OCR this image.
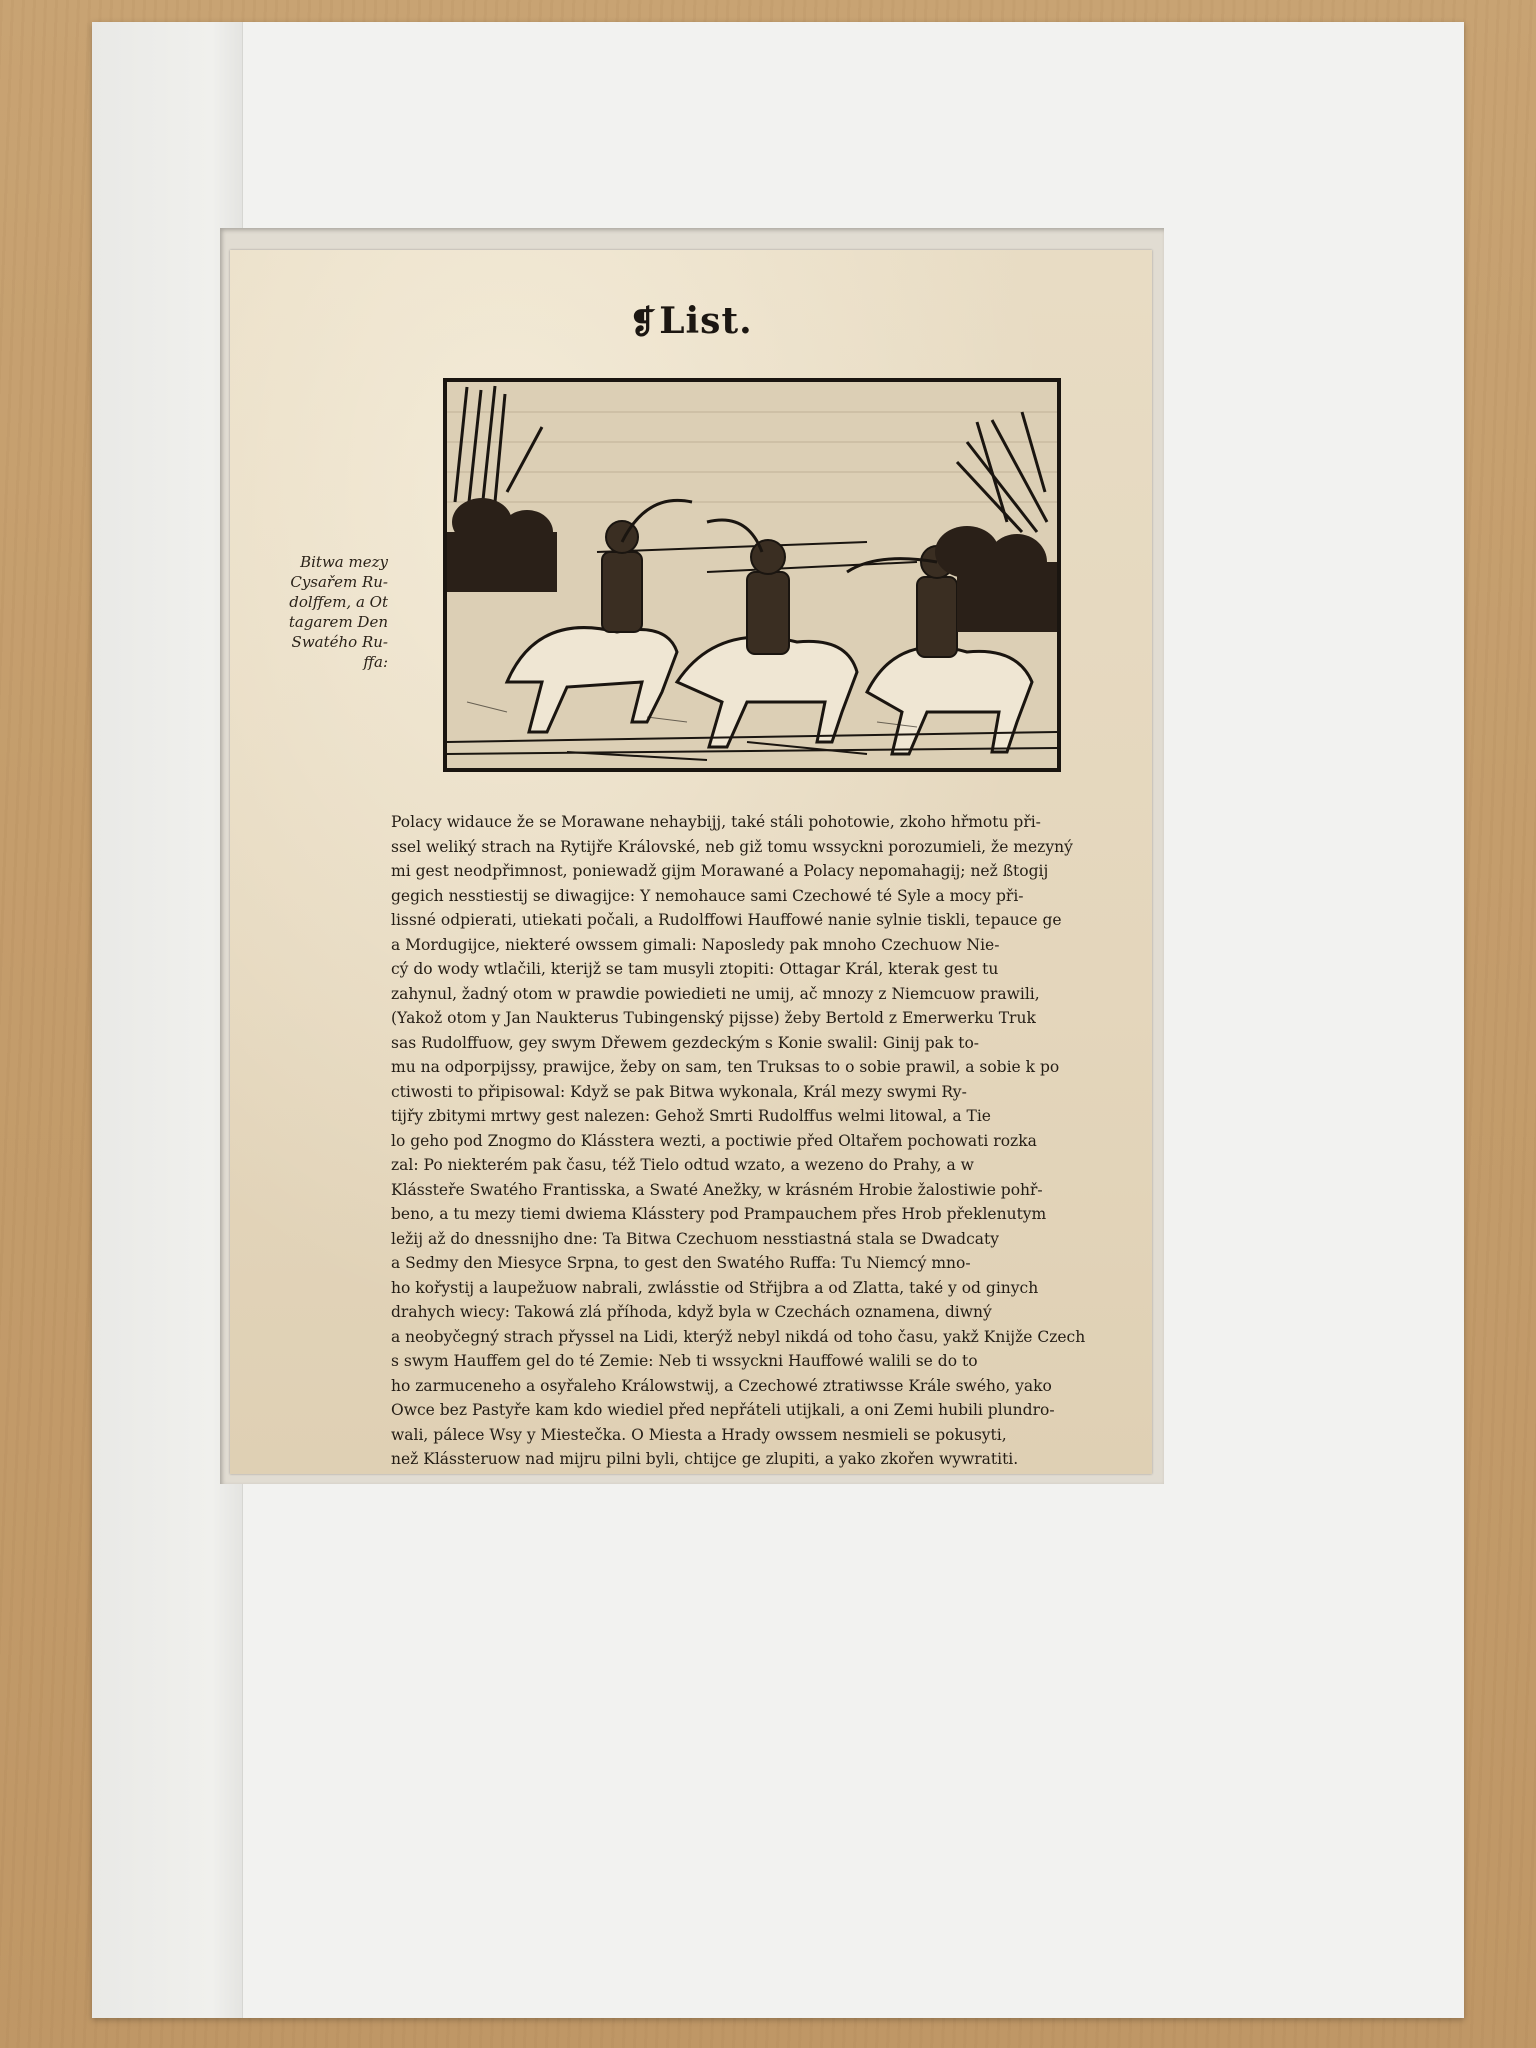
❡List.
Bitwa mezy
Cysařem Ru-
dolffem, a Ot
tagarem Den
Swatého Ru-
ffa:
Polacy widauce že se Morawane nehaybijj, také stáli pohotowie, zkoho hřmotu při-
ssel weliký strach na Rytijře Královské, neb giž tomu wssyckni porozumieli, že mezyný
mi gest neodpřimnost, poniewadž gijm Morawané a Polacy nepomahagij; než ßtogij
gegich nesstiestij se diwagijce: Y nemohauce sami Czechowé té Syle a mocy při-
lissné odpierati, utiekati počali, a Rudolffowi Hauffowé nanie sylnie tiskli, tepauce ge
a Mordugijce, niekteré owssem gimali: Naposledy pak mnoho Czechuow Nie-
cý do wody wtlačili, kterijž se tam musyli ztopiti: Ottagar Král, kterak gest tu
zahynul, žadný otom w prawdie powiedieti ne umij, ač mnozy z Niemcuow prawili,
(Yakož otom y Jan Naukterus Tubingenský pijsse) žeby Bertold z Emerwerku Truk
sas Rudolffuow, gey swym Dřewem gezdeckým s Konie swalil: Ginij pak to-
mu na odporpijssy, prawijce, žeby on sam, ten Truksas to o sobie prawil, a sobie k po
ctiwosti to připisowal: Když se pak Bitwa wykonala, Král mezy swymi Ry-
tijřy zbitymi mrtwy gest nalezen: Gehož Smrti Rudolffus welmi litowal, a Tie
lo geho pod Znogmo do Klásstera wezti, a poctiwie před Oltařem pochowati rozka
zal: Po niekterém pak času, též Tielo odtud wzato, a wezeno do Prahy, a w
Klássteře Swatého Frantisska, a Swaté Anežky, w krásném Hrobie žalostiwie pohř-
beno, a tu mezy tiemi dwiema Klásstery pod Prampauchem přes Hrob překlenutym
ležij až do dnessnijho dne: Ta Bitwa Czechuom nesstiastná stala se Dwadcaty
a Sedmy den Miesyce Srpna, to gest den Swatého Ruffa: Tu Niemcý mno-
ho kořystij a laupežuow nabrali, zwlásstie od Střijbra a od Zlatta, také y od ginych
drahych wiecy: Takowá zlá příhoda, když byla w Czechách oznamena, diwný
a neobyčegný strach přyssel na Lidi, kterýž nebyl nikdá od toho času, yakž Knijže Czech
s swym Hauffem gel do té Zemie: Neb ti wssyckni Hauffowé walili se do to
ho zarmuceneho a osyřaleho Králowstwij, a Czechowé ztratiwsse Krále swého, yako
Owce bez Pastyře kam kdo wiediel před nepřáteli utijkali, a oni Zemi hubili plundro-
wali, pálece Wsy y Miestečka. O Miesta a Hrady owssem nesmieli se pokusyti,
než Klássteruow nad mijru pilni byli, chtijce ge zlupiti, a yako zkořen wywratiti.
